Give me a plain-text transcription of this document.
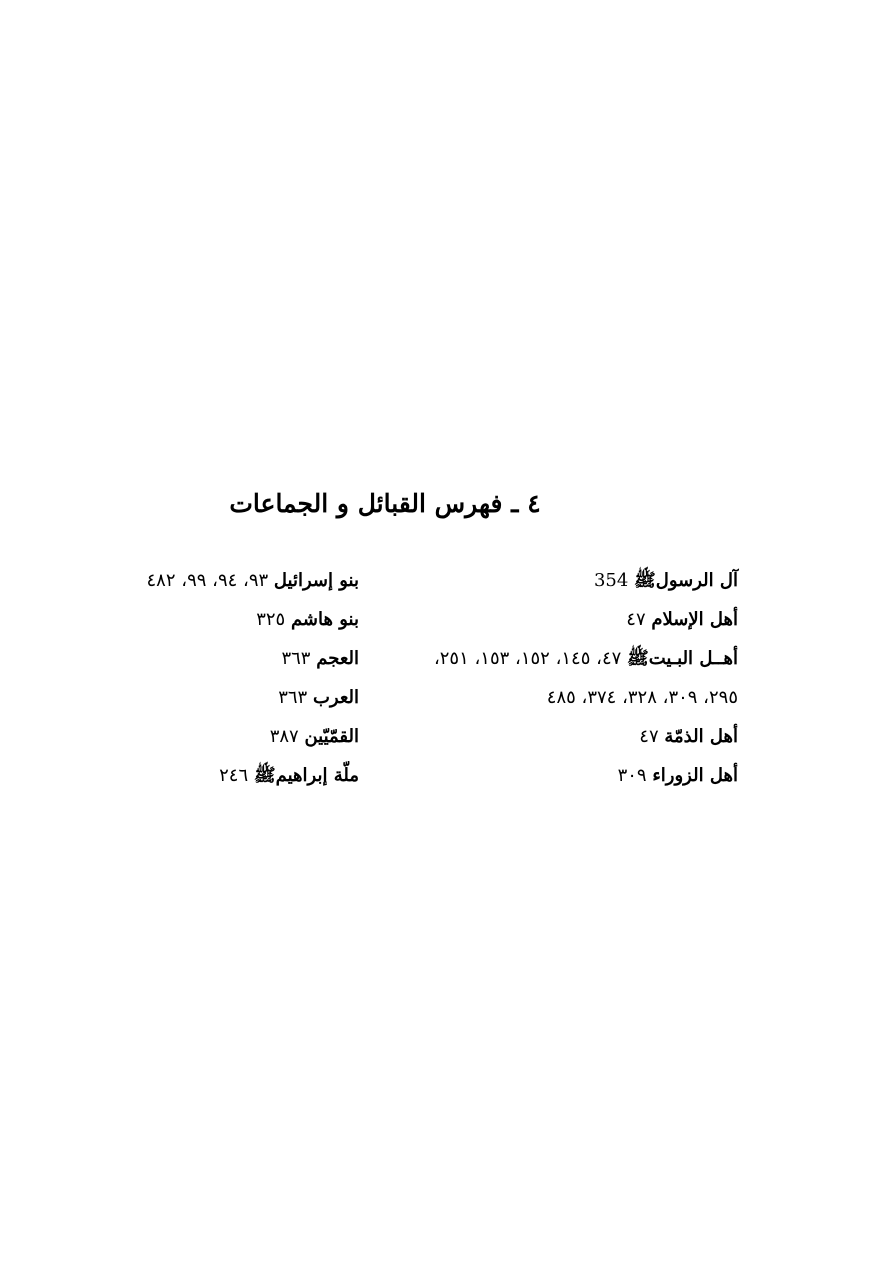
٤ ـ فهرس القبائل و الجماعات
آل الرسولﷺ 354
أهل الإسلام ٤٧
أهــل البـيتﷺ ٤٧، ١٤٥، ١٥٢، ١٥٣، ٢٥١،
٢٩٥، ٣٠٩، ٣٢٨، ٣٧٤، ٤٨٥
أهل الذمّة ٤٧
أهل الزوراء ٣٠٩
بنو إسرائيل ٩٣، ٩٤، ٩٩، ٤٨٢
بنو هاشم ٣٢٥
العجم ٣٦٣
العرب ٣٦٣
القمّيّين ٣٨٧
ملّة إبراهيمﷺ ٢٤٦
